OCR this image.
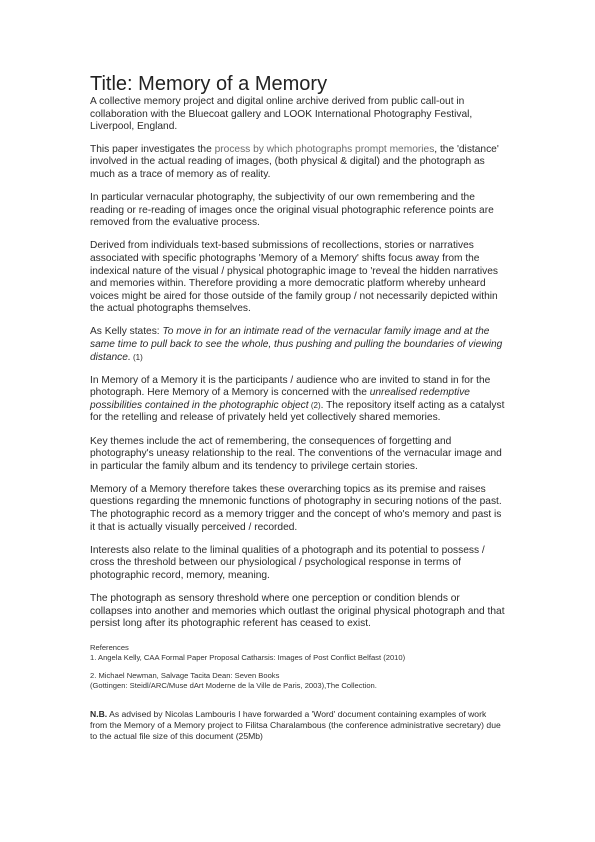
Title: Memory of a Memory

A collective memory project and digital online archive derived from public call-out in collaboration with the Bluecoat gallery and LOOK International Photography Festival, Liverpool, England.

This paper investigates the process by which photographs prompt memories, the 'distance' involved in the actual reading of images, (both physical & digital) and the photograph as much as a trace of memory as of reality.

In particular vernacular photography, the subjectivity of our own remembering and the reading or re-reading of images once the original visual photographic reference points are removed from the evaluative process.

Derived from individuals text-based submissions of recollections, stories or narratives associated with specific photographs 'Memory of a Memory' shifts focus away from the indexical nature of the visual / physical photographic image to 'reveal the hidden narratives and memories within. Therefore providing a more democratic platform whereby unheard voices might be aired for those outside of the family group / not necessarily depicted within the actual photographs themselves.

As Kelly states: To move in for an intimate read of the vernacular family image and at the same time to pull back to see the whole, thus pushing and pulling the boundaries of viewing distance. (1)

In Memory of a Memory it is the participants / audience who are invited to stand in for the photograph. Here Memory of a Memory is concerned with the unrealised redemptive possibilities contained in the photographic object (2). The repository itself acting as a catalyst for the retelling and release of privately held yet collectively shared memories.

Key themes include the act of remembering, the consequences of forgetting and photography's uneasy relationship to the real. The conventions of the vernacular image and in particular the family album and its tendency to privilege certain stories.

Memory of a Memory therefore takes these overarching topics as its premise and raises questions regarding the mnemonic functions of photography in securing notions of the past. The photographic record as a memory trigger and the concept of who's memory and past is it that is actually visually perceived / recorded.

Interests also relate to the liminal qualities of a photograph and its potential to possess / cross the threshold between our physiological / psychological response in terms of photographic record, memory, meaning.

The photograph as sensory threshold where one perception or condition blends or collapses into another and memories which outlast the original physical photograph and that persist long after its photographic referent has ceased to exist.

References

1. Angela Kelly, CAA Formal Paper Proposal Catharsis: Images of Post Conflict Belfast (2010)

2. Michael Newman, Salvage Tacita Dean: Seven Books
(Gottingen: Steidl/ARC/Muse dArt Moderne de la Ville de Paris, 2003),The Collection.

N.B. As advised by Nicolas Lambouris I have forwarded a 'Word' document containing examples of work from the Memory of a Memory project to Filitsa Charalambous (the conference administrative secretary) due to the actual file size of this document (25Mb)
